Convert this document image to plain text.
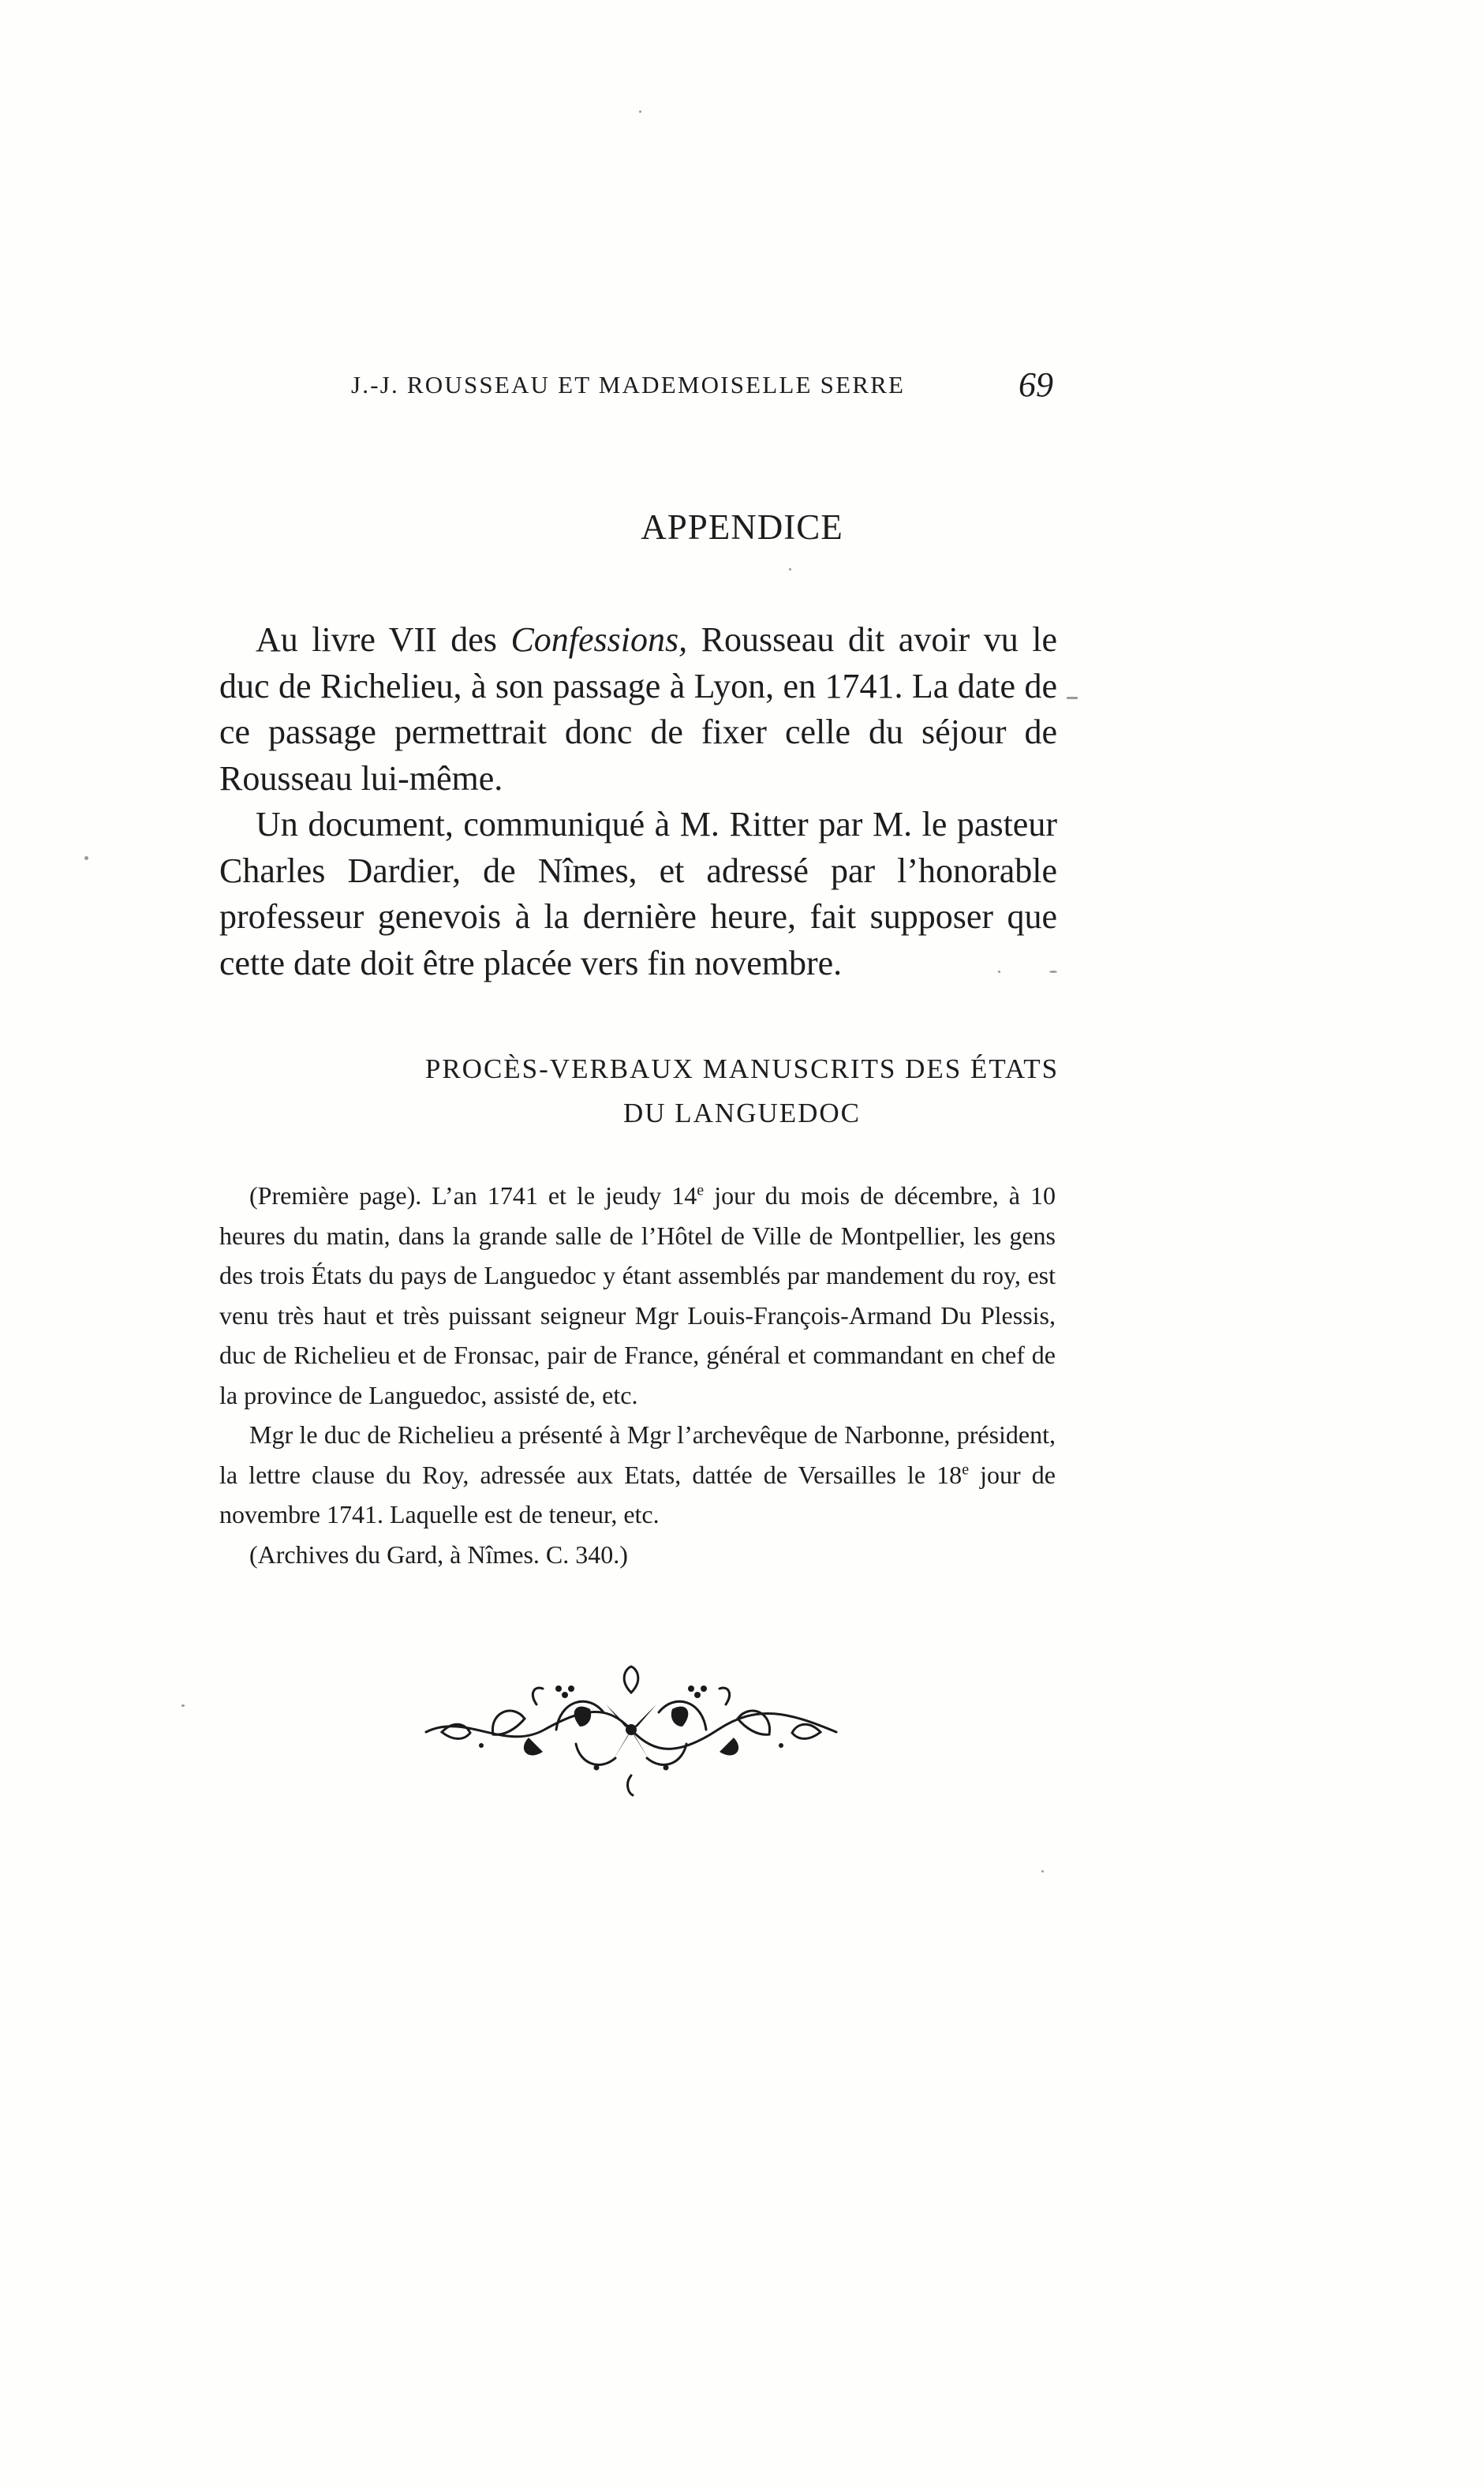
J.-J. ROUSSEAU ET MADEMOISELLE SERRE	69
APPENDICE

Au livre VII des Confessions, Rousseau dit avoir vu le duc de Richelieu, à son passage à Lyon, en 1741. La date de ce passage permettrait donc de fixer celle du séjour de Rousseau lui-même.

Un document, communiqué à M. Ritter par M. le pasteur Charles Dardier, de Nîmes, et adressé par l’honorable professeur genevois à la dernière heure, fait supposer que cette date doit être placée vers fin novembre.

PROCÈS-VERBAUX MANUSCRITS DES ÉTATS
DU LANGUEDOC

(Première page). L’an 1741 et le jeudy 14e jour du mois de décembre, à 10 heures du matin, dans la grande salle de l’Hôtel de Ville de Montpellier, les gens des trois États du pays de Languedoc y étant assemblés par mandement du roy, est venu très haut et très puissant seigneur Mgr Louis-François-Armand Du Plessis, duc de Richelieu et de Fronsac, pair de France, général et commandant en chef de la province de Languedoc, assisté de, etc.

Mgr le duc de Richelieu a présenté à Mgr l’archevêque de Narbonne, président, la lettre clause du Roy, adressée aux Etats, dattée de Versailles le 18e jour de novembre 1741. Laquelle est de teneur, etc.

(Archives du Gard, à Nîmes. C. 340.)
